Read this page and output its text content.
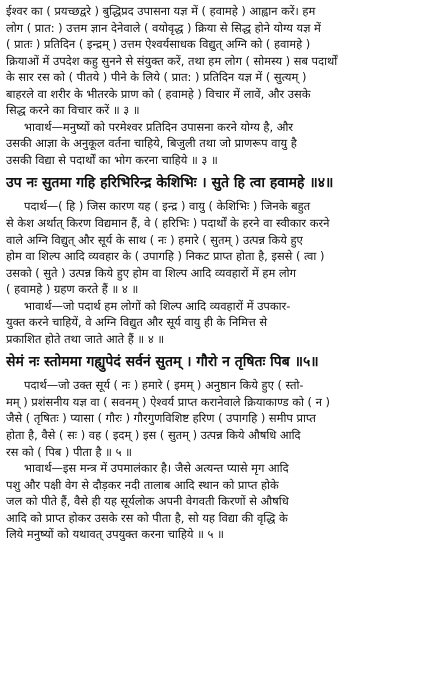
ईश्वर का ( प्रयच्छद्वरे ) बुद्धिप्रद उपासना यज्ञ में ( हवामहे ) आह्वान करें। हम
लोग ( प्रात: ) उत्तम ज्ञान देनेवाले ( वयोवृद्ध ) क्रिया से सिद्ध होने योग्य यज्ञ में
( प्रातः ) प्रतिदिन ( इन्द्रम् ) उत्तम ऐश्वर्यसाधक विद्युत् अग्नि को ( हवामहे )
क्रियाओं में उपदेश कहु सुनने से संयुक्त करें, तथा हम लोग ( सोमस्य ) सब पदार्थों
के सार रस को ( पीतये ) पीने के लिये ( प्रात: ) प्रतिदिन यज्ञ में ( सुत्यम् )
बाहरले वा शरीर के भीतरके प्राण को ( हवामहे ) विचार में लावें, और उसके
सिद्ध करने का विचार करें ॥ ३ ॥
भावार्थ—मनुष्यों को परमेश्वर प्रतिदिन उपासना करने योग्य है, और
उसकी आज्ञा के अनुकूल वर्तना चाहिये, बिजुली तथा जो प्राणरूप वायु है
उसकी विद्या से पदार्थों का भोग करना चाहिये ॥ ३ ॥
उप नः सुतमा गहि हरिभिरिन्द्र केशिभिः । सुते हि त्वा हवामहे ॥४॥
पदार्थ—( हि ) जिस कारण यह ( इन्द्र ) वायु ( केशिभिः ) जिनके बहुत
से केश अर्थात् किरण विद्यमान हैं, वे ( हरिभिः ) पदार्थों के हरने वा स्वीकार करने
वाले अग्नि विद्युत् और सूर्य के साथ ( नः ) हमारे ( सुतम् ) उत्पन्न किये हुए
होम वा शिल्प आदि व्यवहार के ( उपागहि ) निकट प्राप्त होता है, इससे ( त्वा )
उसको ( सुते ) उत्पन्न किये हुए होम वा शिल्प आदि व्यवहारों में हम लोग
( हवामहे ) ग्रहण करते हैं ॥ ४ ॥
भावार्थ—जो पदार्थ हम लोगों को शिल्प आदि व्यवहारों में उपकार-
युक्त करने चाहियें, वे अग्नि विद्युत और सूर्य वायु ही के निमित्त से
प्रकाशित होते तथा जाते आते हैं ॥ ४ ॥
सेमं नः स्तोममा गह्युपेदं सर्वनं सुतम् । गौरो न तृषितः पिब ॥५॥
पदार्थ—जो उक्त सूर्य ( नः ) हमारे ( इमम् ) अनुष्ठान किये हुए ( स्तो-
मम् ) प्रशंसनीय यज्ञ वा ( सवनम् ) ऐश्वर्य प्राप्त करानेवाले क्रियाकाण्ड को ( न )
जैसे ( तृषितः ) प्यासा ( गौरः ) गौरगुणविशिष्ट हरिण ( उपागहि ) समीप प्राप्त
होता है, वैसे ( सः ) वह ( इदम् ) इस ( सुतम् ) उत्पन्न किये औषधि आदि
रस को ( पिब ) पीता है ॥ ५ ॥
भावार्थ—इस मन्त्र में उपमालंकार है। जैसे अत्यन्त प्यासे मृग आदि
पशु और पक्षी वेग से दौड़कर नदी तालाब आदि स्थान को प्राप्त होके
जल को पीते हैं, वैसे ही यह सूर्यलोक अपनी वेगवती किरणों से औषधि
आदि को प्राप्त होकर उसके रस को पीता है, सो यह विद्या की वृद्धि के
लिये मनुष्यों को यथावत् उपयुक्त करना चाहिये ॥ ५ ॥
